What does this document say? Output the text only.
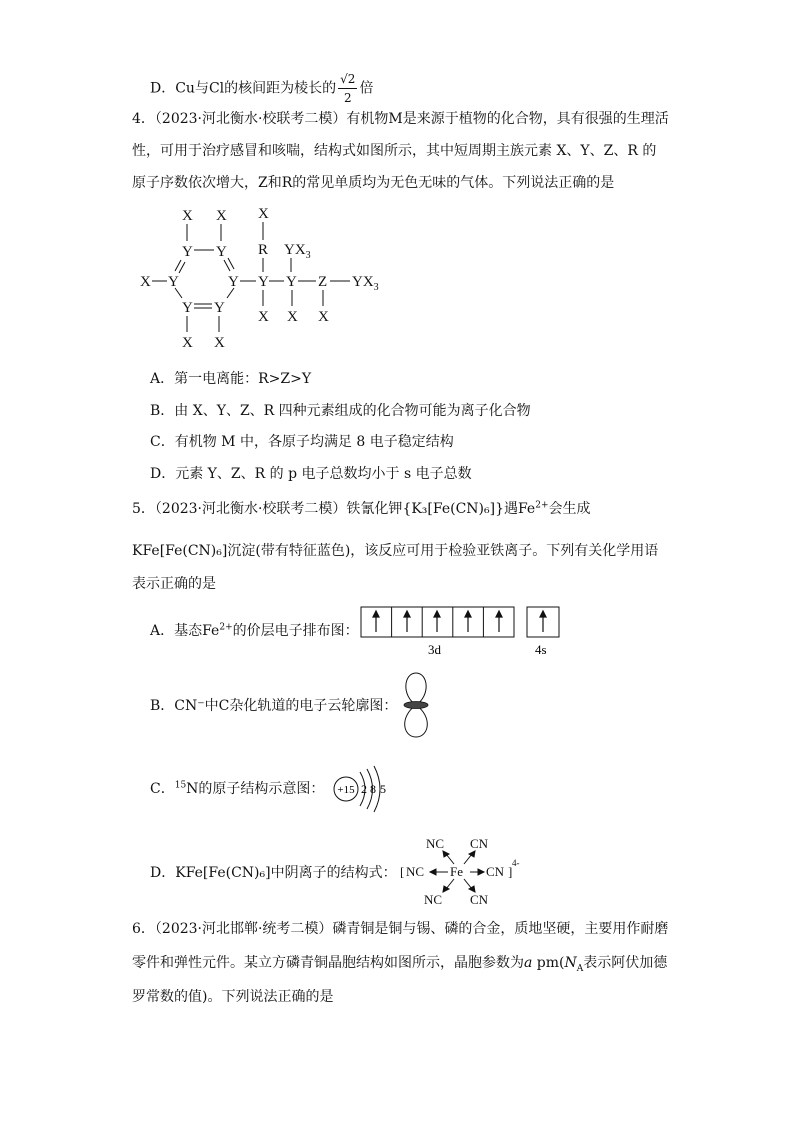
D．Cu与Cl的核间距为棱长的 $\frac{√2}{2}$ 倍
4．（2023·河北衡水·校联考二模）有机物M是来源于植物的化合物，具有很强的生理活
性，可用于治疗感冒和咳喘，结构式如图所示，其中短周期主族元素 X、Y、Z、R 的
原子序数依次增大，Z和R的常见单质均为无色无味的气体。下列说法正确的是
X X
Y Y
X Y	Y
Y Y
X X
X
R
Y Y Z
$YX_3$
$YX_3$
X X X
A．第一电离能：R>Z>Y
B．由 X、Y、Z、R 四种元素组成的化合物可能为离子化合物
C．有机物 M 中，各原子均满足 8 电子稳定结构
D．元素 Y、Z、R 的 p 电子总数均小于 s 电子总数
5．（2023·河北衡水·校联考二模）铁氰化钾{K₃[Fe(CN)₆]}遇$Fe^{2+}$会生成
KFe[Fe(CN)₆]沉淀(带有特征蓝色)，该反应可用于检验亚铁离子。下列有关化学用语
表示正确的是
A．基态$Fe^{2+}$的价层电子排布图：
3d	4s
B．CN⁻中C杂化轨道的电子云轮廓图：
C．$^{15}$N的原子结构示意图： +15 2 8 5
D．KFe[Fe(CN)₆]中阴离子的结构式：
NC CN
[ NC Fe CN ]
4-
NC CN
6．（2023·河北邯郸·统考二模）磷青铜是铜与锡、磷的合金，质地坚硬，主要用作耐磨
零件和弹性元件。某立方磷青铜晶胞结构如图所示，晶胞参数为a $pm(N_A$表示阿伏加德
罗常数的值)。下列说法正确的是
